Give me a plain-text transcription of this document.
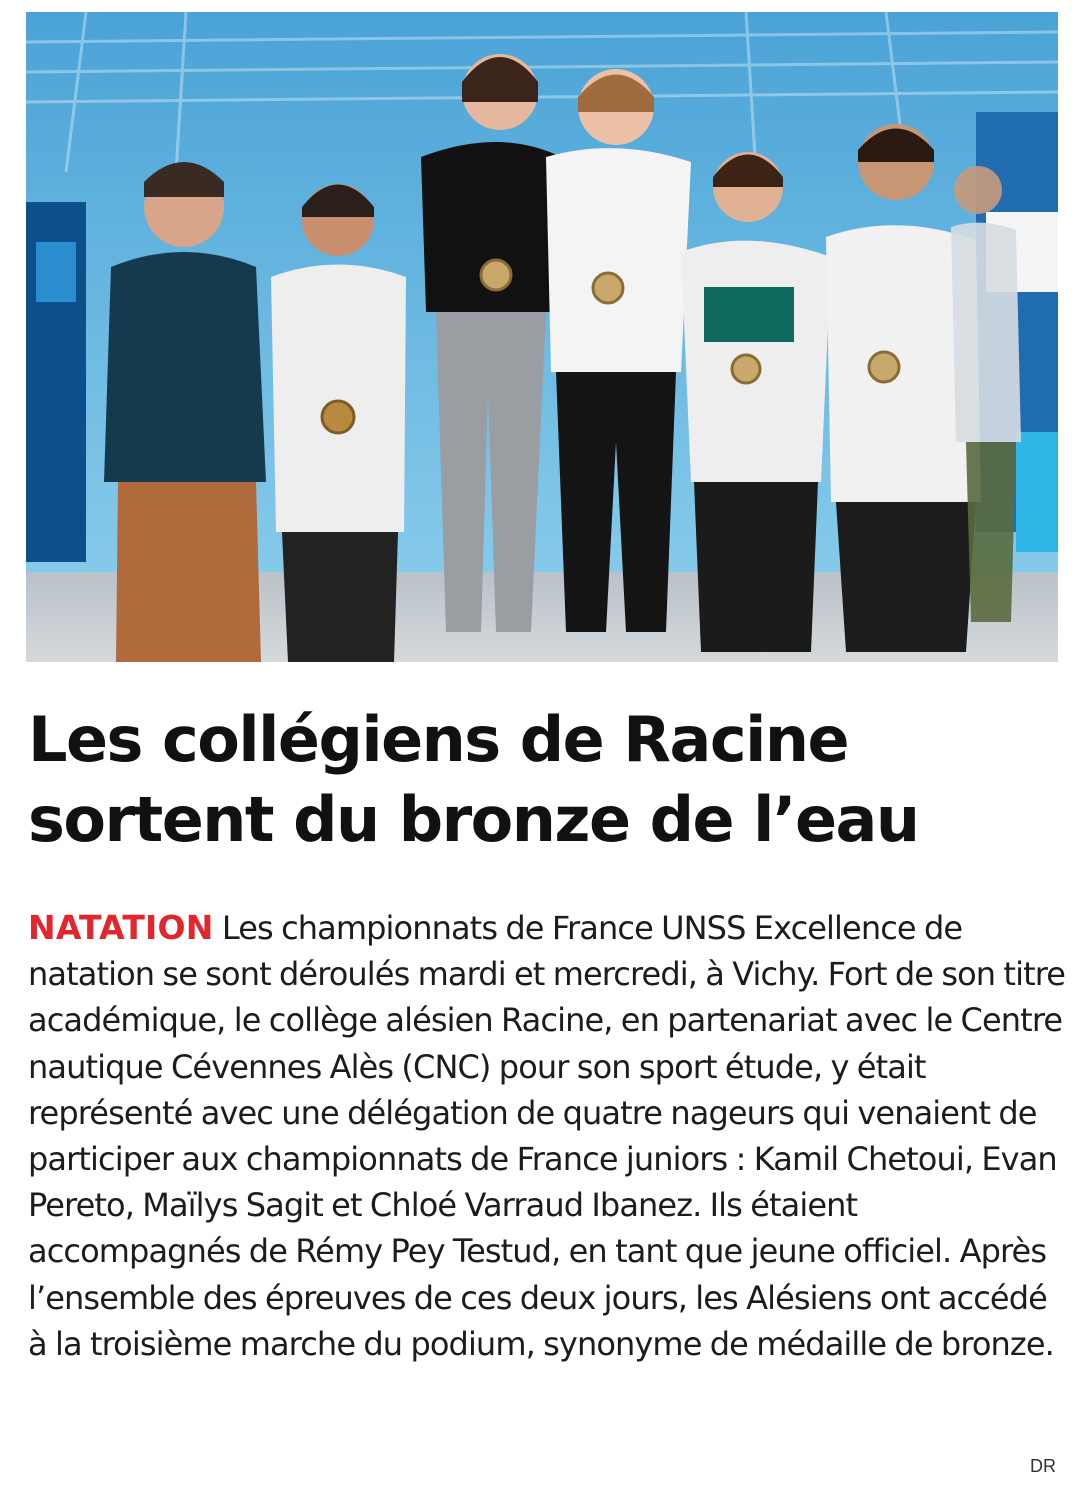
Les collégiens de Racine
sortent du bronze de l’eau
NATATION Les championnats de France UNSS Excellence de natation se sont déroulés mardi et mercredi, à Vichy. Fort de son titre académique, le collège alésien Racine, en partenariat avec le Centre nautique Cévennes Alès (CNC) pour son sport étude, y était représenté avec une délégation de quatre nageurs qui venaient de participer aux championnats de France juniors : Kamil Chetoui, Evan Pereto, Maïlys Sagit et Chloé Varraud Ibanez. Ils étaient accompagnés de Rémy Pey Testud, en tant que jeune officiel. Après l’ensemble des épreuves de ces deux jours, les Alésiens ont accédé à la troisième marche du podium, synonyme de médaille de bronze.
DR
